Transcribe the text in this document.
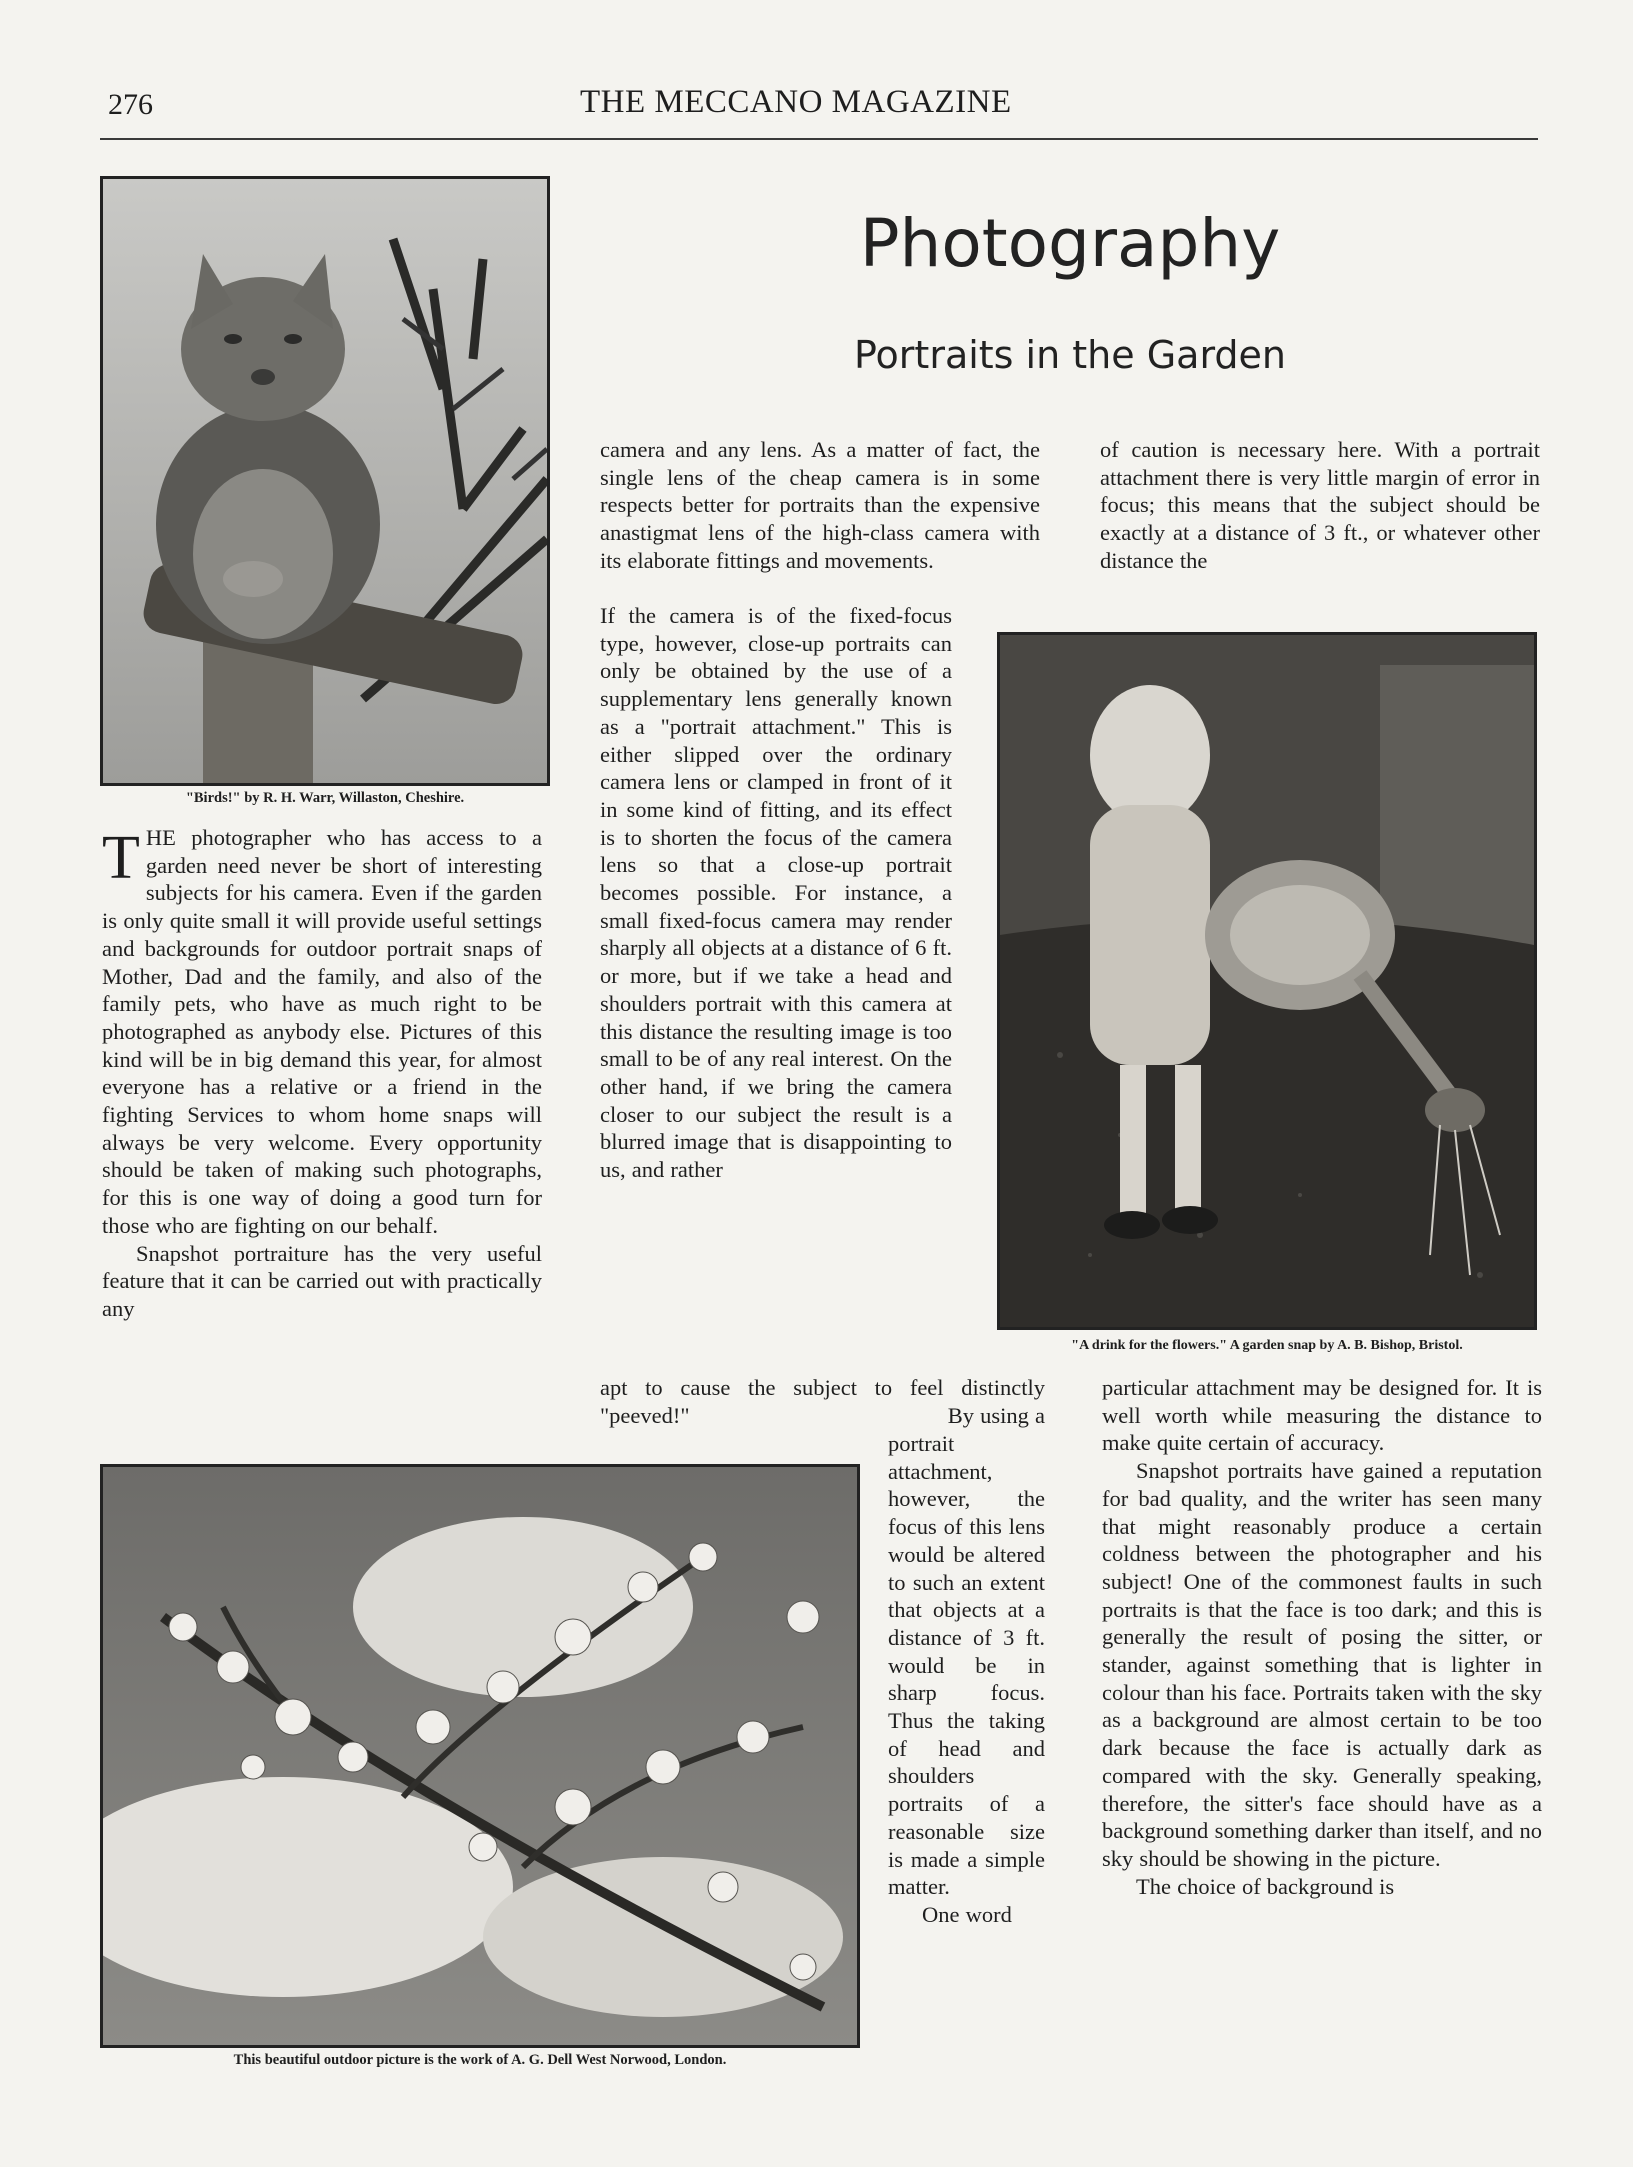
276	THE MECCANO MAGAZINE
"Birds!" by R. H. Warr, Willaston, Cheshire.
Photography
Portraits in the Garden

THE photographer who has access to a garden need never be short of interesting subjects for his camera. Even if the garden is only quite small it will provide useful settings and backgrounds for outdoor portrait snaps of Mother, Dad and the family, and also of the family pets, who have as much right to be photographed as anybody else. Pictures of this kind will be in big demand this year, for almost everyone has a relative or a friend in the fighting Services to whom home snaps will always be very welcome. Every opportunity should be taken of making such photographs, for this is one way of doing a good turn for those who are fighting on our behalf.

Snapshot portraiture has the very useful feature that it can be carried out with practically any

camera and any lens. As a matter of fact, the single lens of the cheap camera is in some respects better for portraits than the expensive anastigmat lens of the high-class camera with its elaborate fittings and movements.

If the camera is of the fixed-focus type, however, close-up portraits can only be obtained by the use of a supplementary lens generally known as a "portrait attachment." This is either slipped over the ordinary camera lens or clamped in front of it in some kind of fitting, and its effect is to shorten the focus of the camera lens so that a close-up portrait becomes possible. For instance, a small fixed-focus camera may render sharply all objects at a distance of 6 ft. or more, but if we take a head and shoulders portrait with this camera at this distance the resulting image is too small to be of any real interest. On the other hand, if we bring the camera closer to our subject the result is a blurred image that is disappointing to us, and rather

apt to cause the subject to feel distinctly "peeved!"	By using a

portrait attachment, however, the focus of this lens would be altered to such an extent that objects at a distance of 3 ft. would be in sharp focus. Thus the taking of head and shoulders portraits of a reasonable size is made a simple matter.

One word

of caution is necessary here. With a portrait attachment there is very little margin of error in focus; this means that the subject should be exactly at a distance of 3 ft., or whatever other distance the

"A drink for the flowers." A garden snap by A. B. Bishop, Bristol.

particular attachment may be designed for. It is well worth while measuring the distance to make quite certain of accuracy.

Snapshot portraits have gained a reputation for bad quality, and the writer has seen many that might reasonably produce a certain coldness between the photographer and his subject! One of the commonest faults in such portraits is that the face is too dark; and this is generally the result of posing the sitter, or stander, against something that is lighter in colour than his face. Portraits taken with the sky as a background are almost certain to be too dark because the face is actually dark as compared with the sky. Generally speaking, therefore, the sitter's face should have as a background something darker than itself, and no sky should be showing in the picture.

The choice of background is

This beautiful outdoor picture is the work of A. G. Dell West Norwood, London.
